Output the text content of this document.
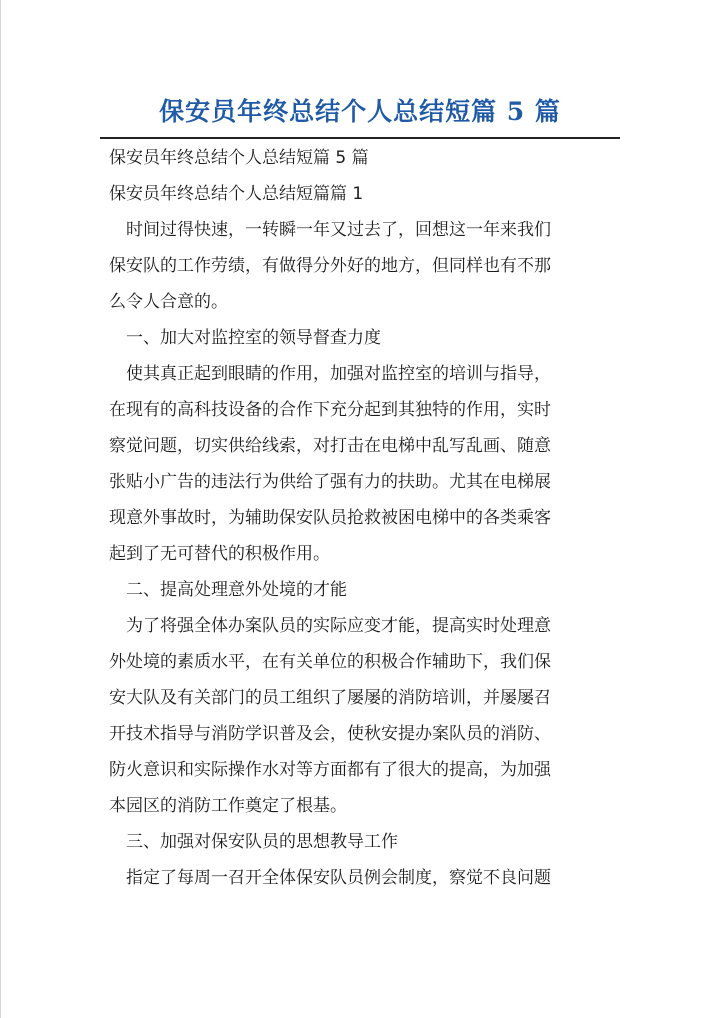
保安员年终总结个人总结短篇 5 篇

保安员年终总结个人总结短篇 5 篇

保安员年终总结个人总结短篇篇 1

时间过得快速，一转瞬一年又过去了，回想这一年来我们

保安队的工作劳绩，有做得分外好的地方，但同样也有不那

么令人合意的。

一、加大对监控室的领导督查力度

使其真正起到眼睛的作用，加强对监控室的培训与指导，

在现有的高科技设备的合作下充分起到其独特的作用，实时

察觉问题，切实供给线索，对打击在电梯中乱写乱画、随意

张贴小广告的违法行为供给了强有力的扶助。尤其在电梯展

现意外事故时，为辅助保安队员抢救被困电梯中的各类乘客

起到了无可替代的积极作用。

二、提高处理意外处境的才能

为了将强全体办案队员的实际应变才能，提高实时处理意

外处境的素质水平，在有关单位的积极合作辅助下，我们保

安大队及有关部门的员工组织了屡屡的消防培训，并屡屡召

开技术指导与消防学识普及会，使秋安提办案队员的消防、

防火意识和实际操作水对等方面都有了很大的提高，为加强

本园区的消防工作奠定了根基。

三、加强对保安队员的思想教导工作

指定了每周一召开全体保安队员例会制度，察觉不良问题
